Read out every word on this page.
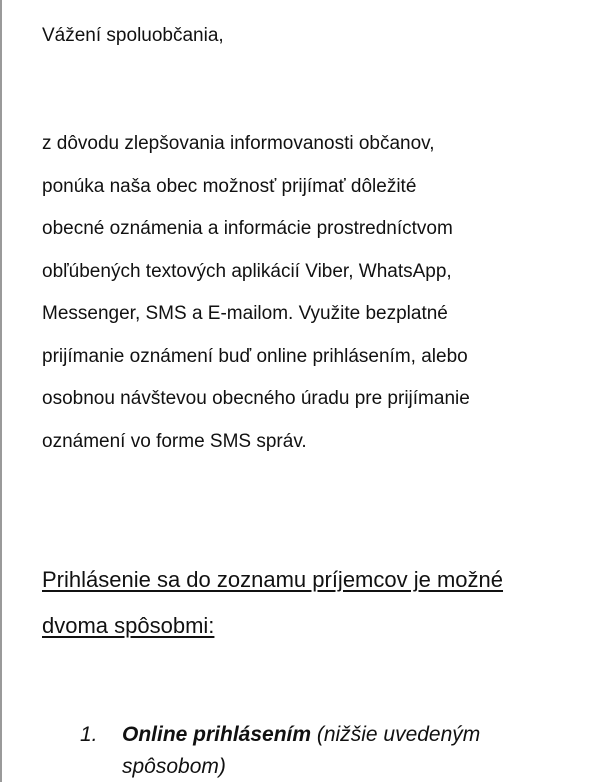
Vážení spoluobčania,

z dôvodu zlepšovania informovanosti občanov,
ponúka naša obec možnosť prijímať dôležité
obecné oznámenia a informácie prostredníctvom
obľúbených textových aplikácií Viber, WhatsApp,
Messenger, SMS a E-mailom. Využite bezplatné
prijímanie oznámení buď online prihlásením, alebo
osobnou návštevou obecného úradu pre prijímanie
oznámení vo forme SMS správ.

Prihlásenie sa do zoznamu príjemcov je možné
dvoma spôsobmi:

1. Online prihlásením (nižšie uvedeným spôsobom)
